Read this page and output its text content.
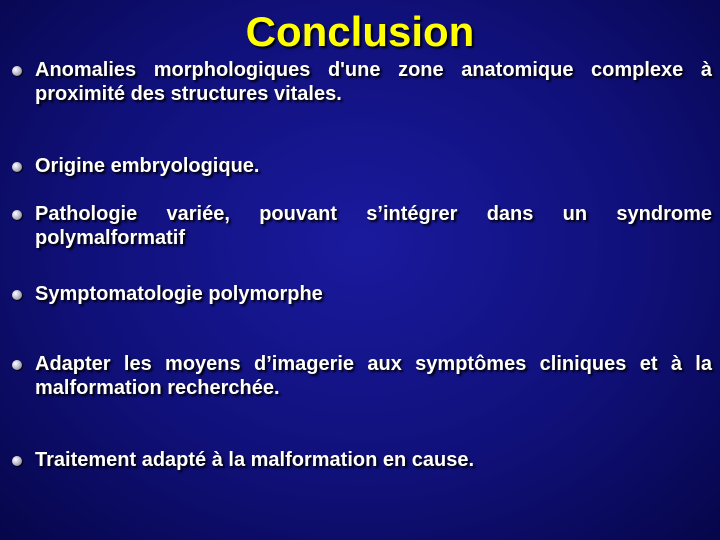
Conclusion
Anomalies morphologiques d'une zone anatomique complexe à proximité des structures vitales.
Origine embryologique.
Pathologie variée, pouvant s’intégrer dans un syndrome polymalformatif
Symptomatologie polymorphe
Adapter les moyens d’imagerie aux symptômes cliniques et à la malformation recherchée.
Traitement adapté à la malformation en cause.
